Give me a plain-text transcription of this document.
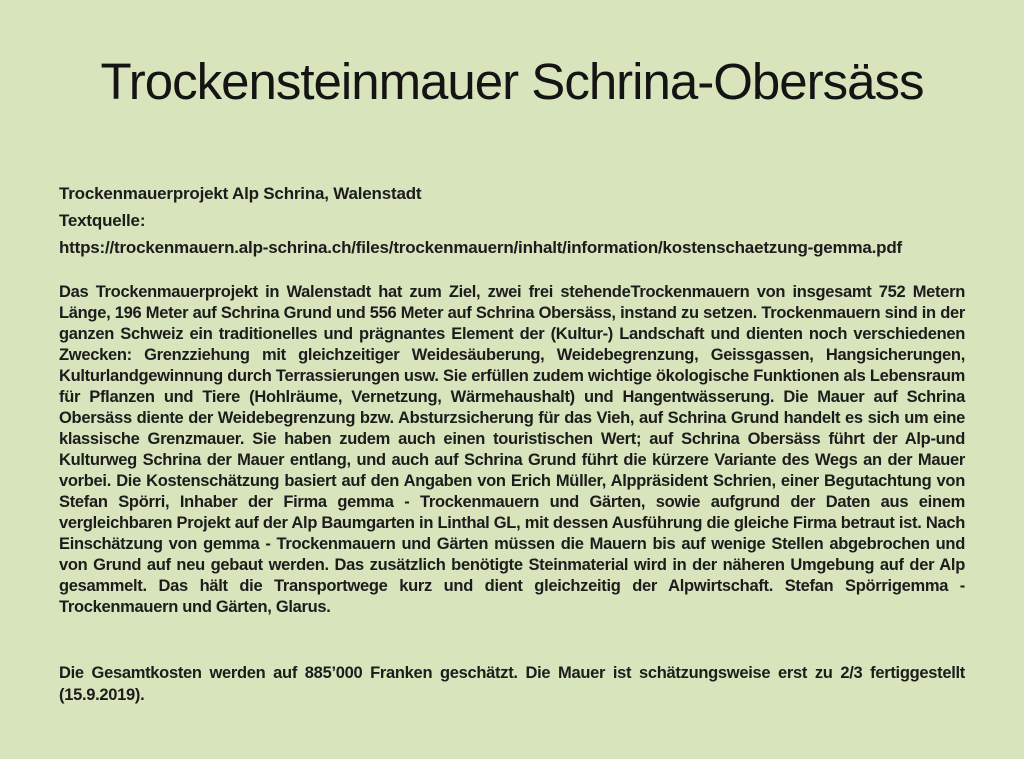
Trockensteinmauer Schrina-Obersäss
Trockenmauerprojekt Alp Schrina, Walenstadt
Textquelle:
https://trockenmauern.alp-schrina.ch/files/trockenmauern/inhalt/information/kostenschaetzung-gemma.pdf
Das Trockenmauerprojekt in Walenstadt hat zum Ziel, zwei frei stehendeTrockenmauern von insgesamt 752 Metern Länge, 196 Meter auf Schrina Grund und 556 Meter auf Schrina Obersäss, instand zu setzen. Trockenmauern sind in der ganzen Schweiz ein traditionelles und prägnantes Element der (Kultur-) Landschaft und dienten noch verschiedenen Zwecken: Grenzziehung mit gleichzeitiger Weidesäuberung, Weidebegrenzung, Geissgassen, Hangsicherungen, Kulturlandgewinnung durch Terrassierungen usw. Sie erfüllen zudem wichtige ökologische Funktionen als Lebensraum für Pflanzen und Tiere (Hohlräume, Vernetzung, Wärmehaushalt) und Hangentwässerung. Die Mauer auf Schrina Obersäss diente der Weidebegrenzung bzw. Absturzsicherung für das Vieh, auf Schrina Grund handelt es sich um eine klassische Grenzmauer. Sie haben zudem auch einen touristischen Wert; auf Schrina Obersäss führt der Alp-und Kulturweg Schrina der Mauer entlang, und auch auf Schrina Grund führt die kürzere Variante des Wegs an der Mauer vorbei. Die Kostenschätzung basiert auf den Angaben von Erich Müller, Alppräsident Schrien, einer Begutachtung von Stefan Spörri, Inhaber der Firma gemma - Trockenmauern und Gärten, sowie aufgrund der Daten aus einem vergleichbaren Projekt auf der Alp Baumgarten in Linthal GL, mit dessen Ausführung die gleiche Firma betraut ist. Nach Einschätzung von gemma - Trockenmauern und Gärten müssen die Mauern bis auf wenige Stellen abgebrochen und von Grund auf neu gebaut werden. Das zusätzlich benötigte Steinmaterial wird in der näheren Umgebung auf der Alp gesammelt. Das hält die Transportwege kurz und dient gleichzeitig der Alpwirtschaft. Stefan Spörrigemma - Trockenmauern und Gärten, Glarus.
Die Gesamtkosten werden auf 885’000 Franken geschätzt. Die Mauer ist schätzungsweise erst zu 2/3 fertiggestellt (15.9.2019).
